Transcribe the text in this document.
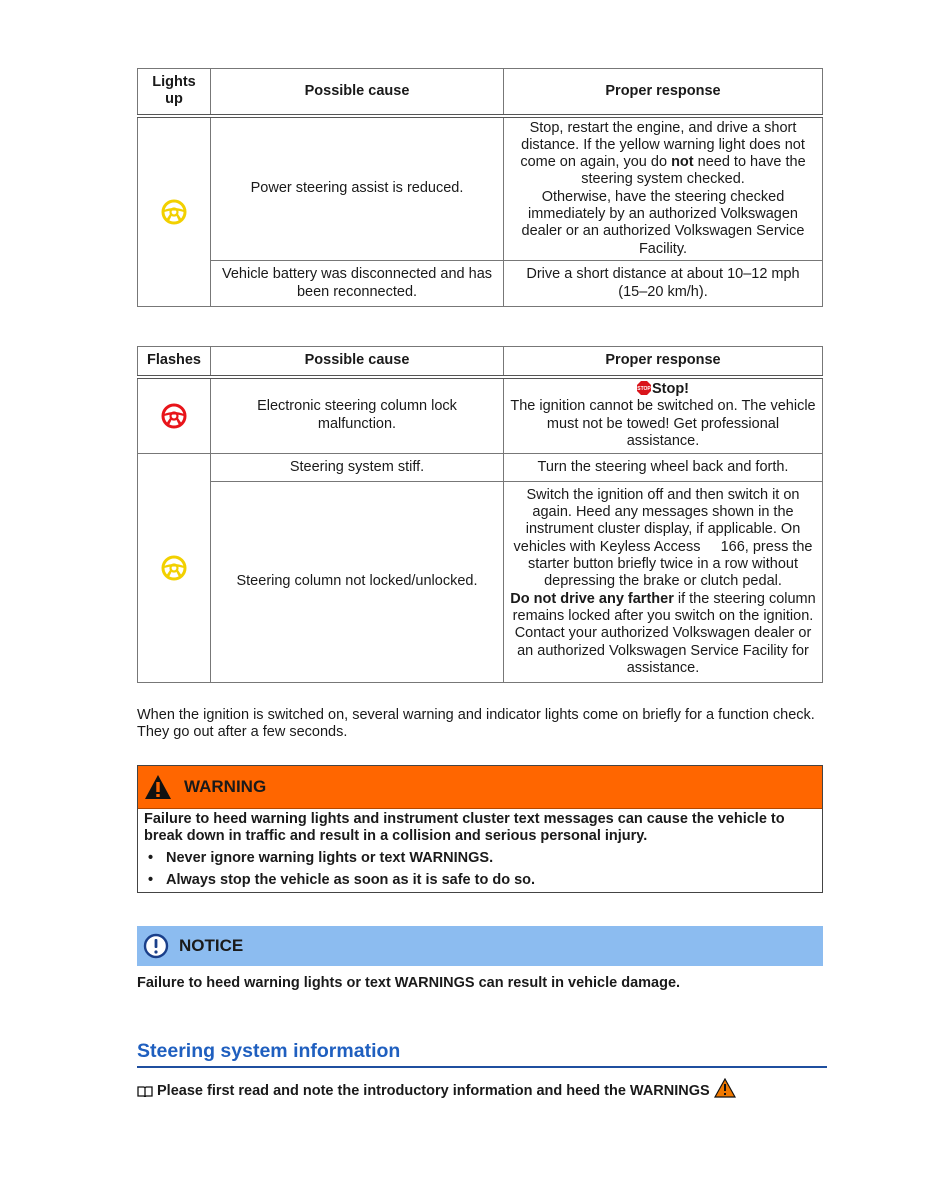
Lights up	Possible cause	Proper response
	Power steering assist is reduced.	Stop, restart the engine, and drive a short distance. If the yellow warning light does not come on again, you do not need to have the steering system checked.
Otherwise, have the steering checked immediately by an authorized Volkswagen dealer or an authorized Volkswagen Service Facility.
	Vehicle battery was disconnected and has been reconnected.	Drive a short distance at about 10–12 mph (15–20 km/h).
Flashes	Possible cause	Proper response
	Electronic steering column lock malfunction.	STOP Stop!
The ignition cannot be switched on. The vehicle must not be towed! Get professional assistance.
	Steering system stiff.	Turn the steering wheel back and forth.
	Steering column not locked/unlocked.	Switch the ignition off and then switch it on again. Heed any messages shown in the instrument cluster display, if applicable. On vehicles with Keyless Access     166, press the starter button briefly twice in a row without depressing the brake or clutch pedal.
Do not drive any farther if the steering column remains locked after you switch on the ignition. Contact your authorized Volkswagen dealer or an authorized Volkswagen Service Facility for assistance.
When the ignition is switched on, several warning and indicator lights come on briefly for a function check. They go out after a few seconds.
WARNING
Failure to heed warning lights and instrument cluster text messages can cause the vehicle to break down in traffic and result in a collision and serious personal injury.
• Never ignore warning lights or text WARNINGS.
• Always stop the vehicle as soon as it is safe to do so.
NOTICE
Failure to heed warning lights or text WARNINGS can result in vehicle damage.
Steering system information
Please first read and note the introductory information and heed the WARNINGS
